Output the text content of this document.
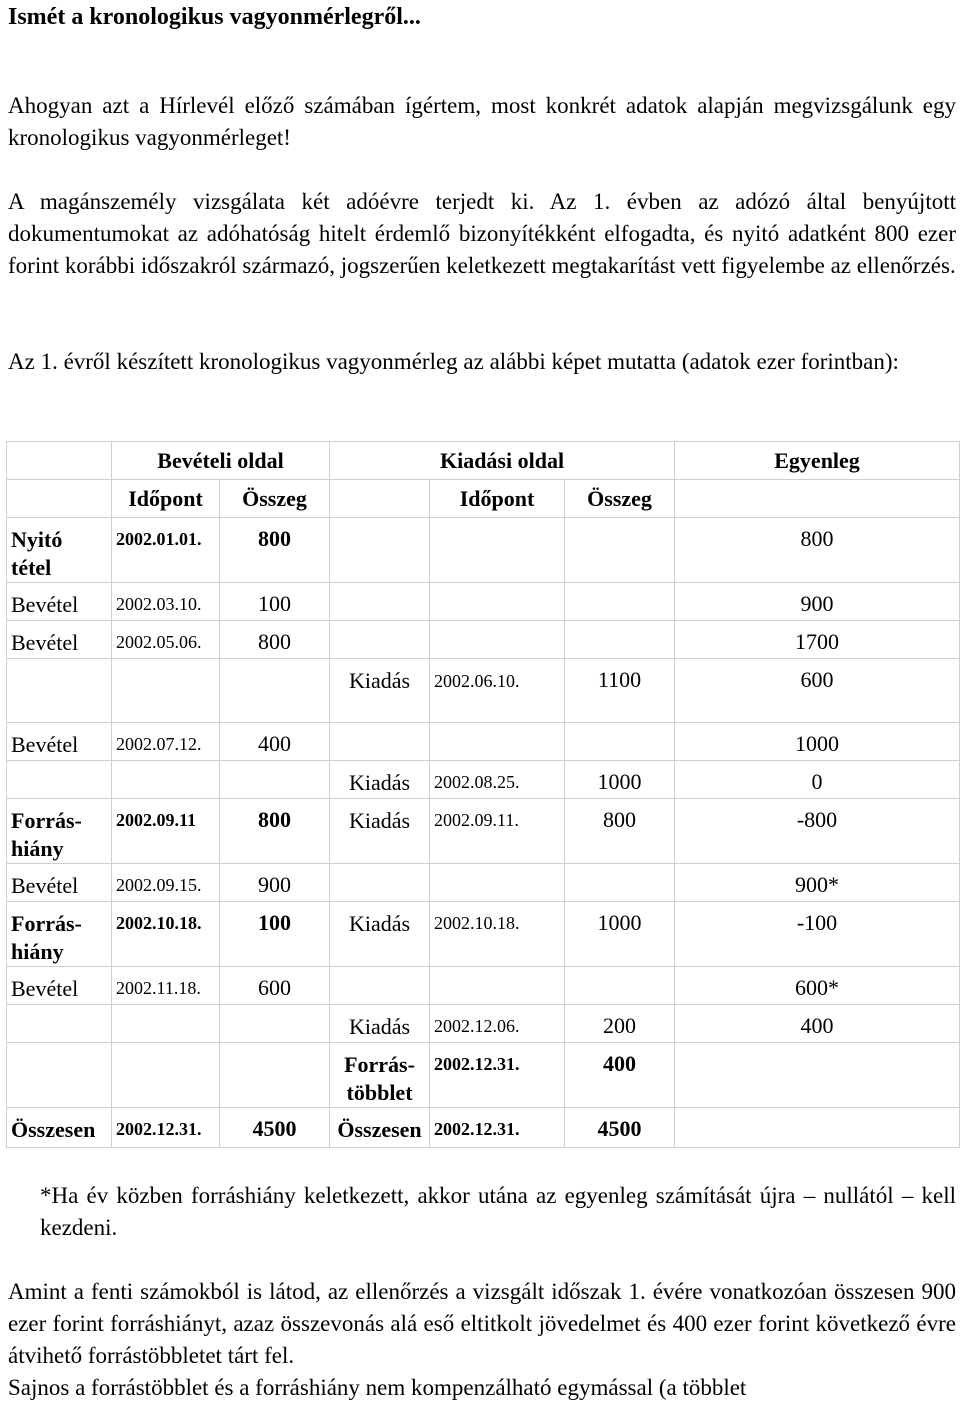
Ismét a kronologikus vagyonmérlegről...
Ahogyan azt a Hírlevél előző számában ígértem, most konkrét adatok alapján megvizsgálunk egy kronologikus vagyonmérleget!
A magánszemély vizsgálata két adóévre terjedt ki. Az 1. évben az adózó által benyújtott dokumentumokat az adóhatóság hitelt érdemlő bizonyítékként elfogadta, és nyitó adatként 800 ezer forint korábbi időszakról származó, jogszerűen keletkezett megtakarítást vett figyelembe az ellenőrzés.
Az 1. évről készített kronologikus vagyonmérleg az alábbi képet mutatta (adatok ezer forintban):
	Bevételi oldal		Kiadási oldal			Egyenleg
	Időpont	Összeg		Időpont	Összeg	
Nyitó tétel	2002.01.01.	800				800
Bevétel	2002.03.10.	100				900
Bevétel	2002.05.06.	800				1700
			Kiadás	2002.06.10.	1100	600
Bevétel	2002.07.12.	400				1000
			Kiadás	2002.08.25.	1000	0
Forrás-hiány	2002.09.11	800	Kiadás	2002.09.11.	800	-800
Bevétel	2002.09.15.	900				900*
Forrás-hiány	2002.10.18.	100	Kiadás	2002.10.18.	1000	-100
Bevétel	2002.11.18.	600				600*
			Kiadás	2002.12.06.	200	400
			Forrás-többlet	2002.12.31.	400	
Összesen	2002.12.31.	4500	Összesen	2002.12.31.	4500	
*Ha év közben forráshiány keletkezett, akkor utána az egyenleg számítását újra – nullától – kell kezdeni.
Amint a fenti számokból is látod, az ellenőrzés a vizsgált időszak 1. évére vonatkozóan összesen 900 ezer forint forráshiányt, azaz összevonás alá eső eltitkolt jövedelmet és 400 ezer forint következő évre átvihető forrástöbbletet tárt fel.
Sajnos a forrástöbblet és a forráshiány nem kompenzálható egymással (a többlet
